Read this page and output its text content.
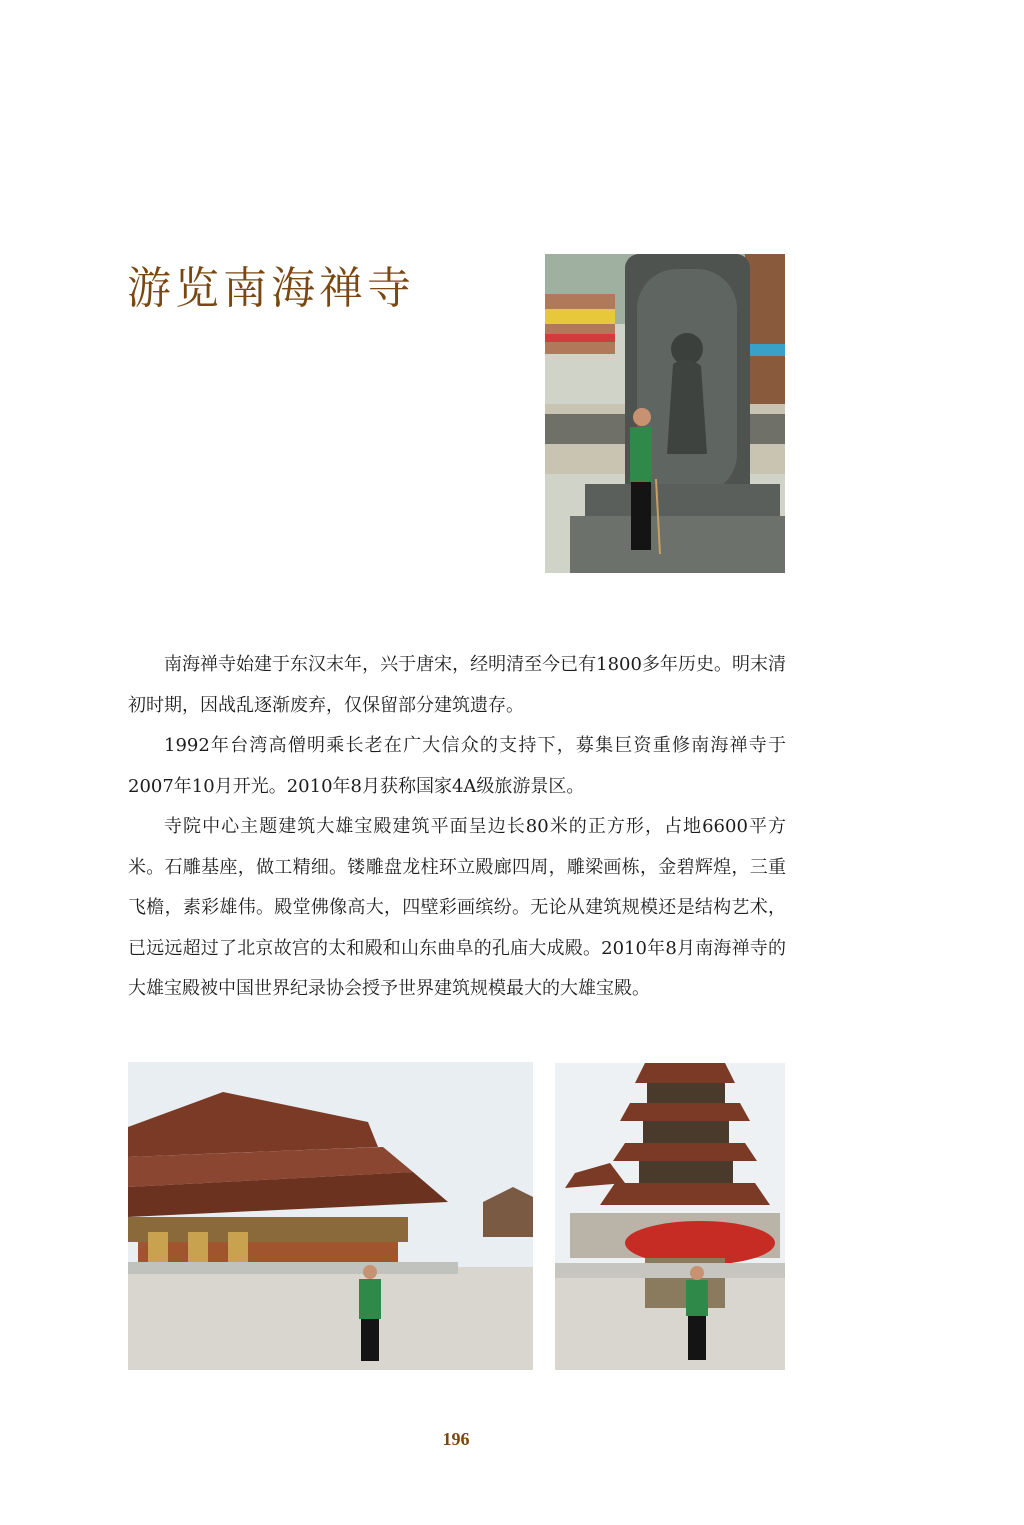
游览南海禅寺

南海禅寺始建于东汉末年，兴于唐宋，经明清至今已有1800多年历史。明末清初时期，因战乱逐渐废弃，仅保留部分建筑遗存。

1992年台湾高僧明乘长老在广大信众的支持下，募集巨资重修南海禅寺于2007年10月开光。2010年8月获称国家4A级旅游景区。

寺院中心主题建筑大雄宝殿建筑平面呈边长80米的正方形，占地6600平方米。石雕基座，做工精细。镂雕盘龙柱环立殿廊四周，雕梁画栋，金碧辉煌，三重飞檐，素彩雄伟。殿堂佛像高大，四壁彩画缤纷。无论从建筑规模还是结构艺术，已远远超过了北京故宫的太和殿和山东曲阜的孔庙大成殿。2010年8月南海禅寺的大雄宝殿被中国世界纪录协会授予世界建筑规模最大的大雄宝殿。

196
